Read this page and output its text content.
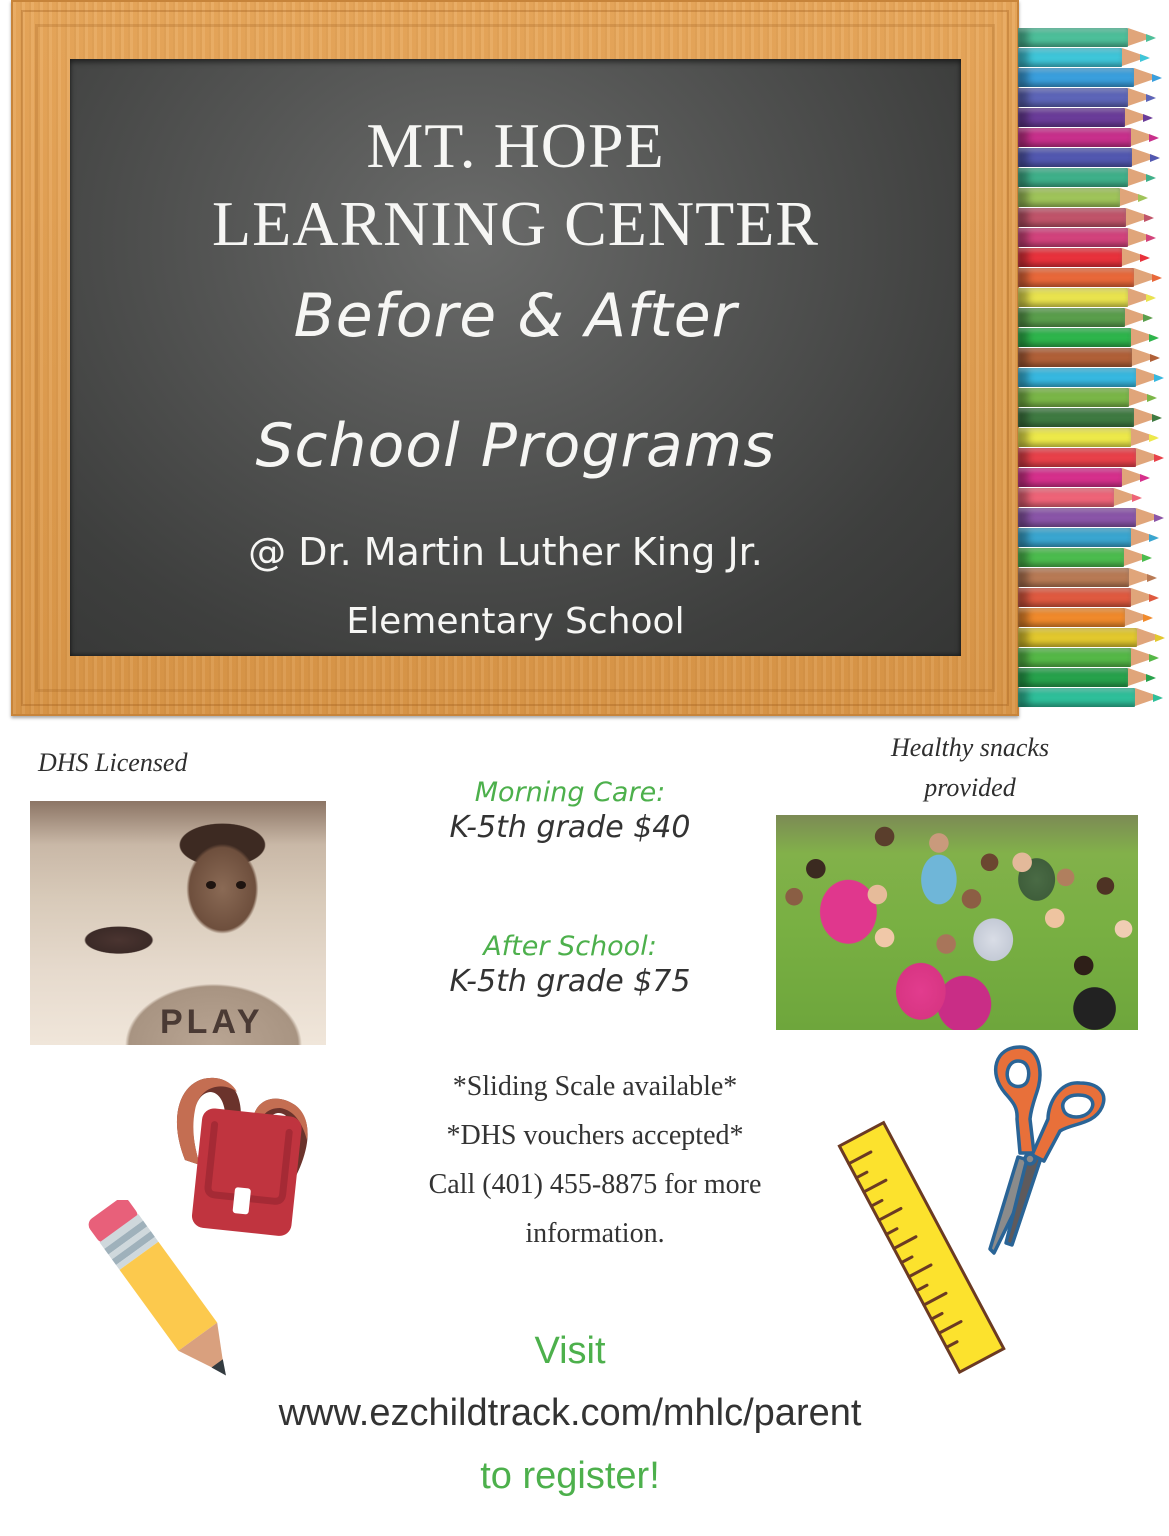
MT. HOPE
LEARNING CENTER
Before & After
School Programs
@ Dr. Martin Luther King Jr.
Elementary School
DHS Licensed
PLAY
Healthy snacks
provided
Morning Care:
K-5th grade $40
After School:
K-5th grade $75
*Sliding Scale available*
*DHS vouchers accepted*
Call (401) 455-8875 for more
information.
Visit
www.ezchildtrack.com/mhlc/parent
to register!
